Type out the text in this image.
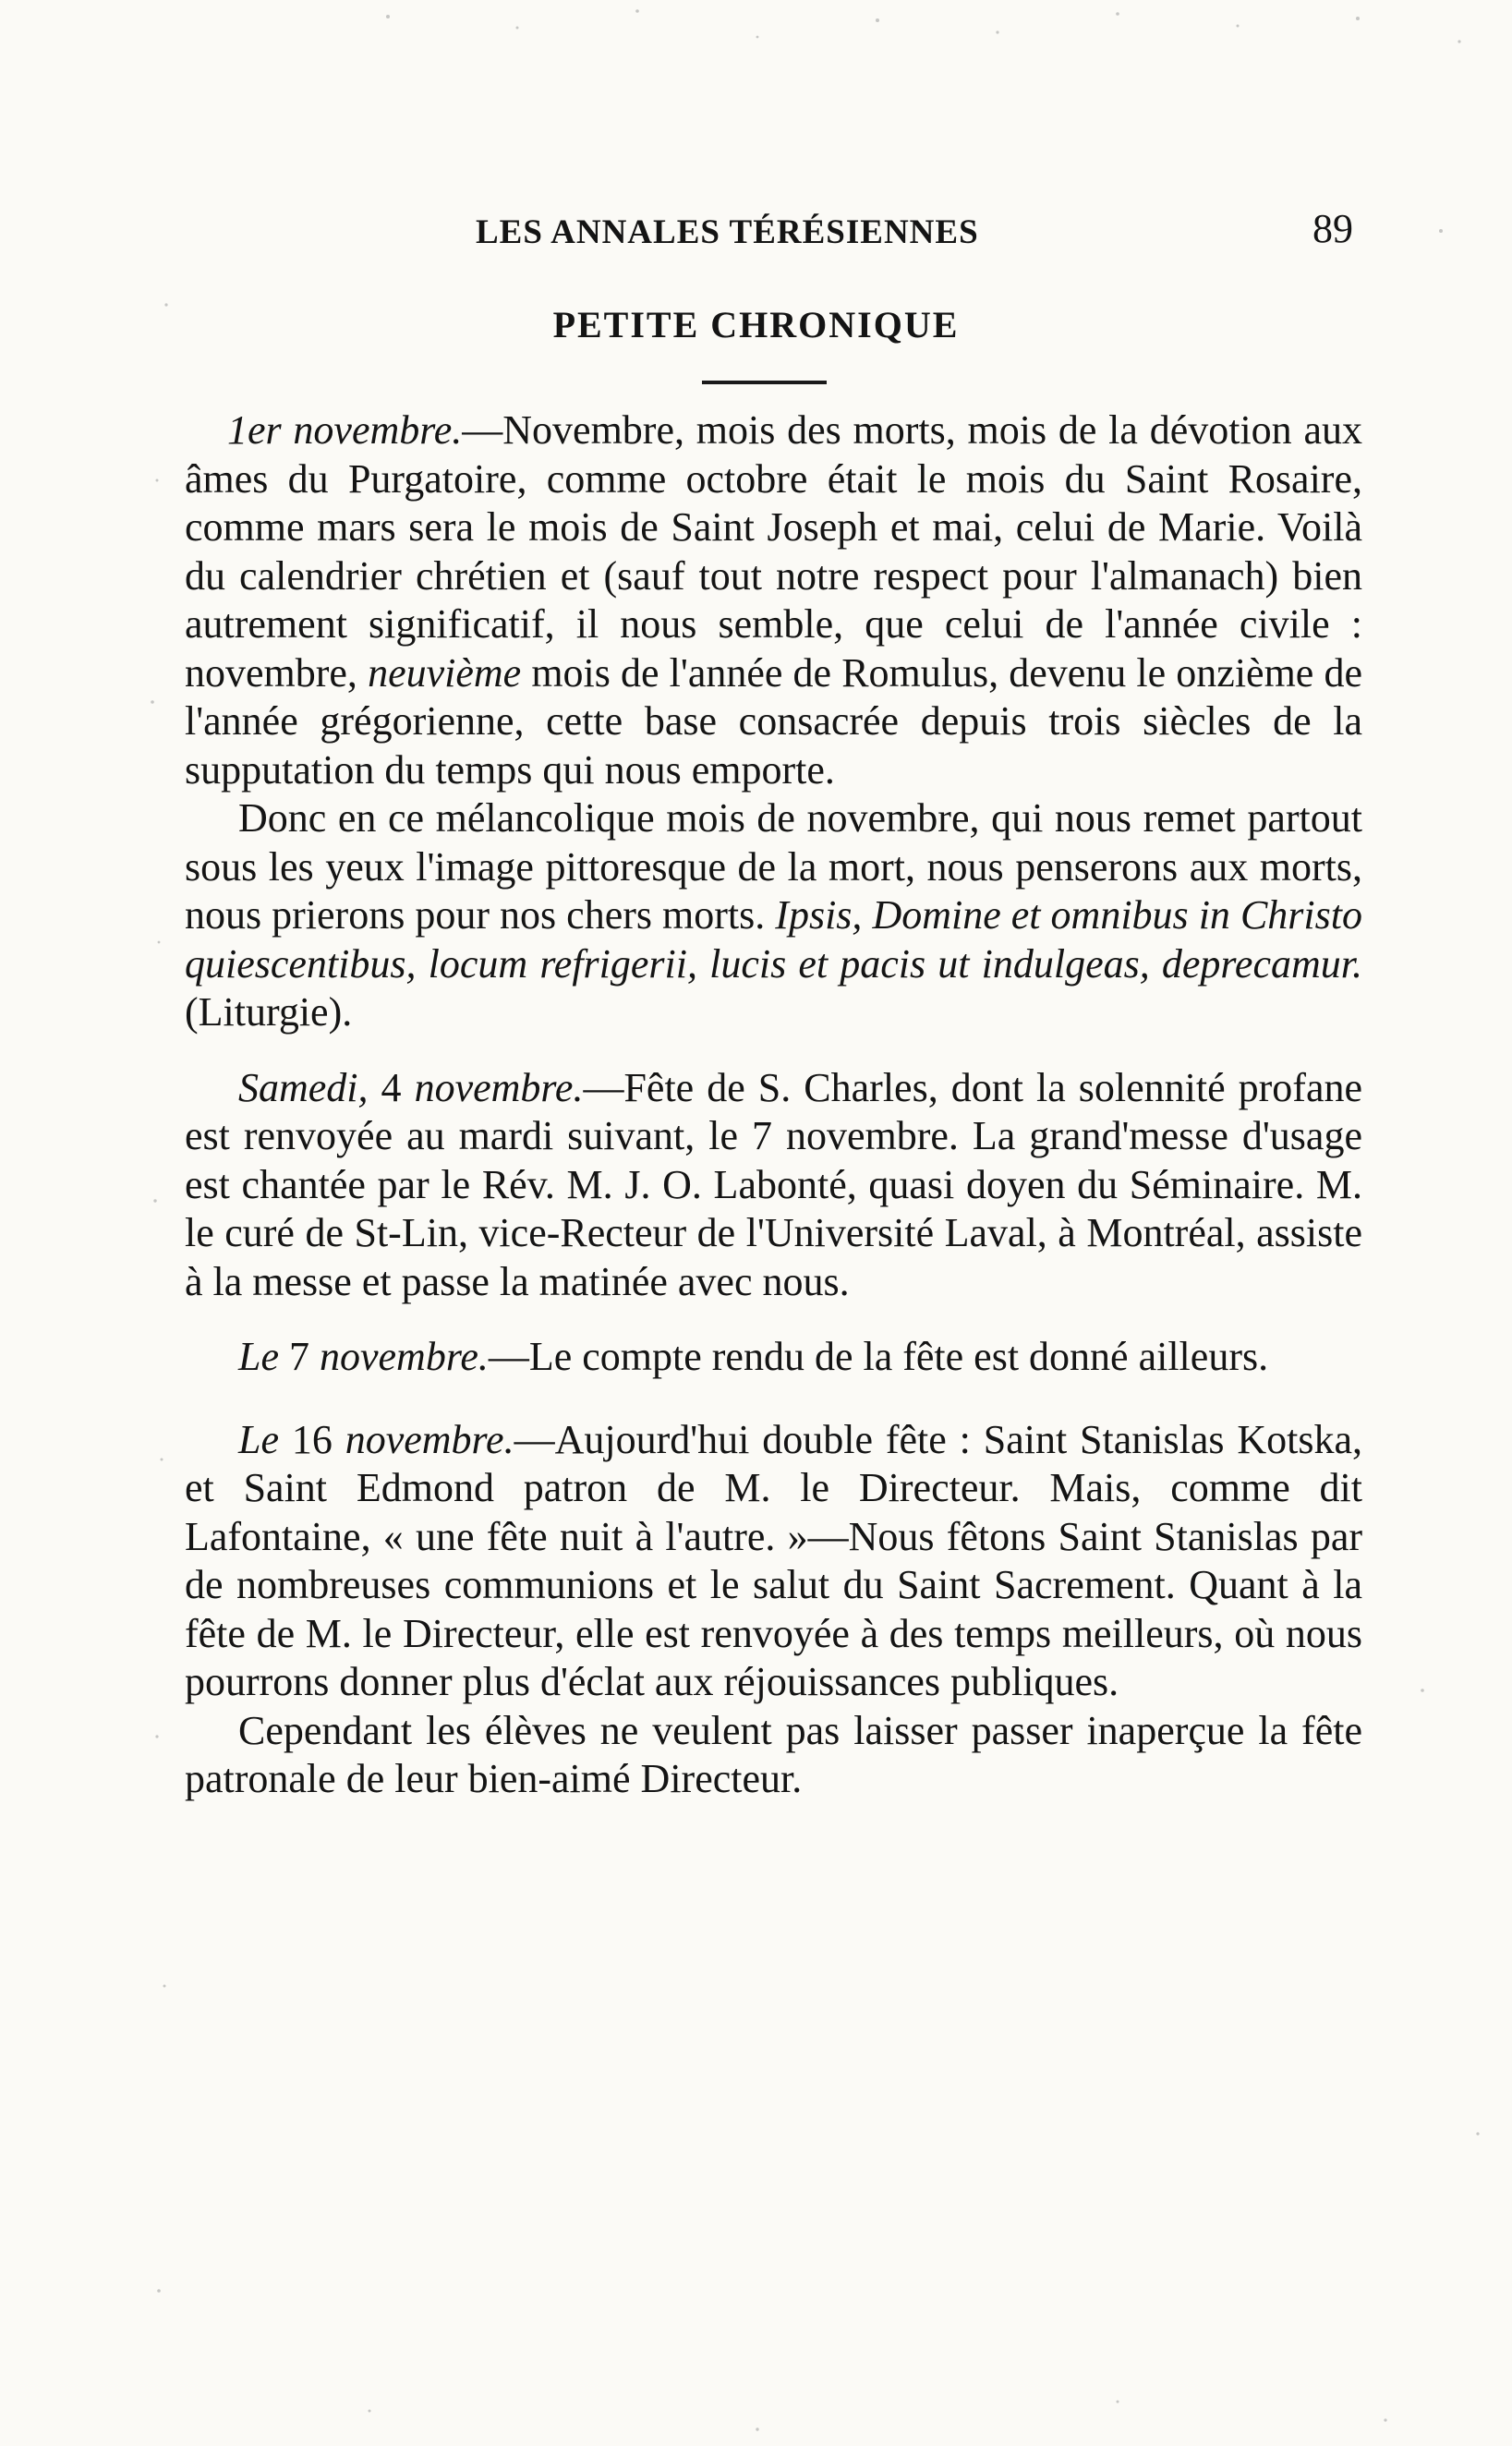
LES ANNALES TÉRÉSIENNES	89
PETITE CHRONIQUE

1er novembre.—Novembre, mois des morts, mois de la dévotion aux âmes du Purgatoire, comme octobre était le mois du Saint Rosaire, comme mars sera le mois de Saint Joseph et mai, celui de Marie. Voilà du calendrier chrétien et (sauf tout notre respect pour l'almanach) bien autrement significatif, il nous semble, que celui de l'année civile : novembre, neuvième mois de l'année de Romulus, devenu le onzième de l'année grégorienne, cette base consacrée depuis trois siècles de la supputation du temps qui nous emporte.

Donc en ce mélancolique mois de novembre, qui nous remet partout sous les yeux l'image pittoresque de la mort, nous penserons aux morts, nous prierons pour nos chers morts. Ipsis, Domine et omnibus in Christo quiescentibus, locum refrigerii, lucis et pacis ut indulgeas, deprecamur. (Liturgie).

Samedi, 4 novembre.—Fête de S. Charles, dont la solennité profane est renvoyée au mardi suivant, le 7 novembre. La grand'messe d'usage est chantée par le Rév. M. J. O. Labonté, quasi doyen du Séminaire. M. le curé de St-Lin, vice-Recteur de l'Université Laval, à Montréal, assiste à la messe et passe la matinée avec nous.

Le 7 novembre.—Le compte rendu de la fête est donné ailleurs.

Le 16 novembre.—Aujourd'hui double fête : Saint Stanislas Kotska, et Saint Edmond patron de M. le Directeur. Mais, comme dit Lafontaine, « une fête nuit à l'autre. »—Nous fêtons Saint Stanislas par de nombreuses communions et le salut du Saint Sacrement. Quant à la fête de M. le Directeur, elle est renvoyée à des temps meilleurs, où nous pourrons donner plus d'éclat aux réjouissances publiques.

Cependant les élèves ne veulent pas laisser passer inaperçue la fête patronale de leur bien-aimé Directeur.
